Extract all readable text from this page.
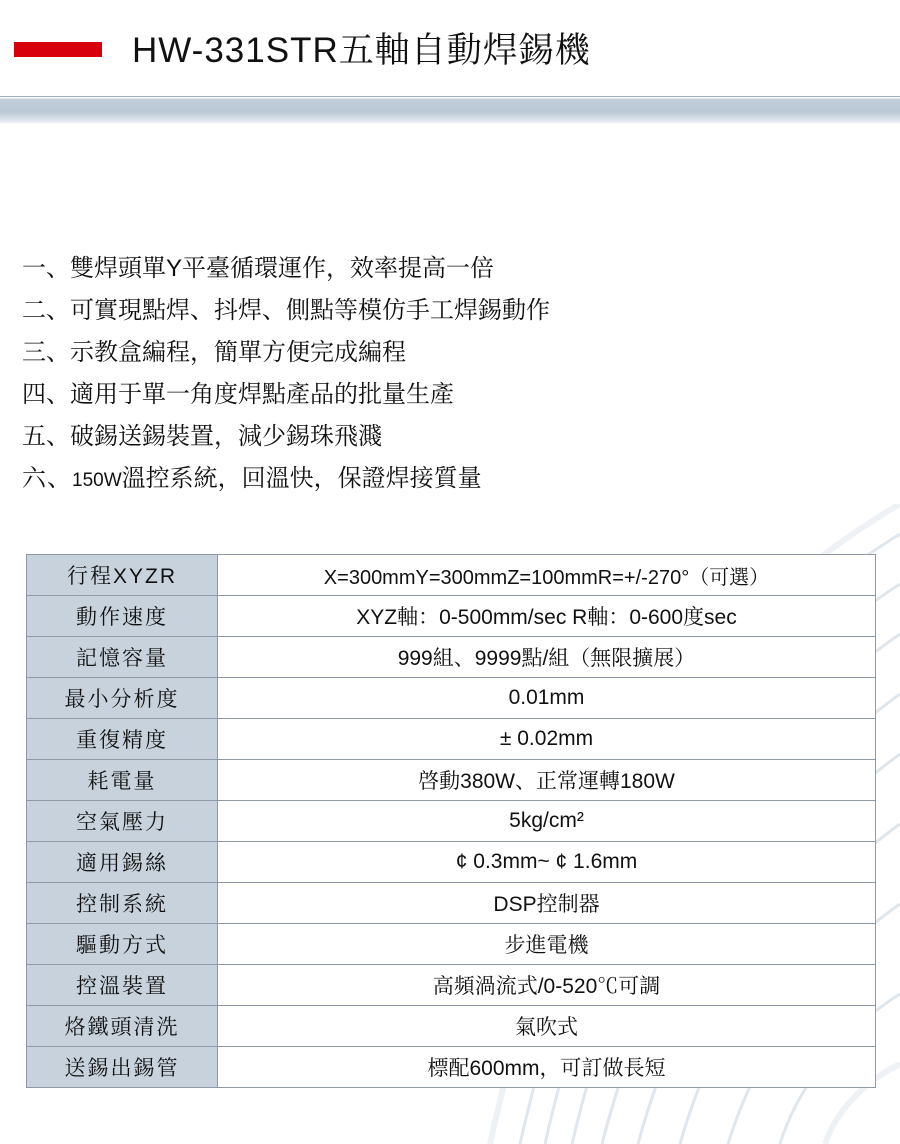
HW-331STR五軸自動焊錫機
一、雙焊頭單Y平臺循環運作，效率提高一倍
二、可實現點焊、抖焊、側點等模仿手工焊錫動作
三、示教盒編程，簡單方便完成編程
四、適用于單一角度焊點產品的批量生產
五、破錫送錫裝置，減少錫珠飛濺
六、150W溫控系統，回溫快，保證焊接質量
行程XYZR	X=300mmY=300mmZ=100mmR=+/-270°（可選）
動作速度	XYZ軸：0-500mm/sec R軸：0-600度sec
記憶容量	999組、9999點/組（無限擴展）
最小分析度	0.01mm
重復精度	± 0.02mm
耗電量	啓動380W、正常運轉180W
空氣壓力	5kg/cm²
適用錫絲	¢ 0.3mm~ ¢ 1.6mm
控制系統	DSP控制器
驅動方式	步進電機
控溫裝置	高頻渦流式/0-520℃可調
烙鐵頭清洗	氣吹式
送錫出錫管	標配600mm，可訂做長短
